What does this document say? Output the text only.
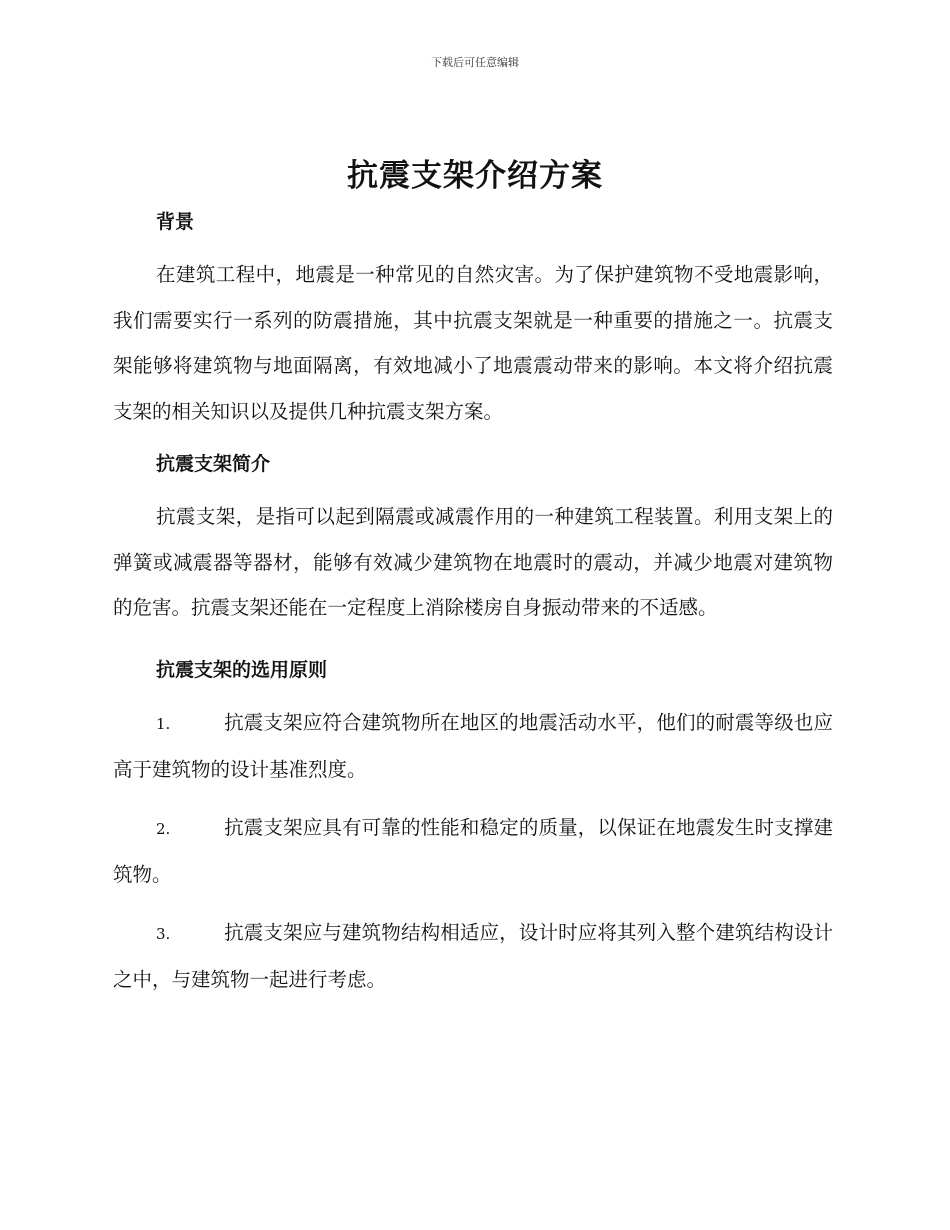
下载后可任意编辑
抗震支架介绍方案
背景

在建筑工程中，地震是一种常见的自然灾害。为了保护建筑物不受地震影响，我们需要实行一系列的防震措施，其中抗震支架就是一种重要的措施之一。抗震支架能够将建筑物与地面隔离，有效地减小了地震震动带来的影响。本文将介绍抗震支架的相关知识以及提供几种抗震支架方案。

抗震支架简介

抗震支架，是指可以起到隔震或减震作用的一种建筑工程装置。利用支架上的弹簧或减震器等器材，能够有效减少建筑物在地震时的震动，并减少地震对建筑物的危害。抗震支架还能在一定程度上消除楼房自身振动带来的不适感。

抗震支架的选用原则

1.	抗震支架应符合建筑物所在地区的地震活动水平，他们的耐震等级也应高于建筑物的设计基准烈度。

2.	抗震支架应具有可靠的性能和稳定的质量，以保证在地震发生时支撑建筑物。

3.	抗震支架应与建筑物结构相适应，设计时应将其列入整个建筑结构设计之中，与建筑物一起进行考虑。
